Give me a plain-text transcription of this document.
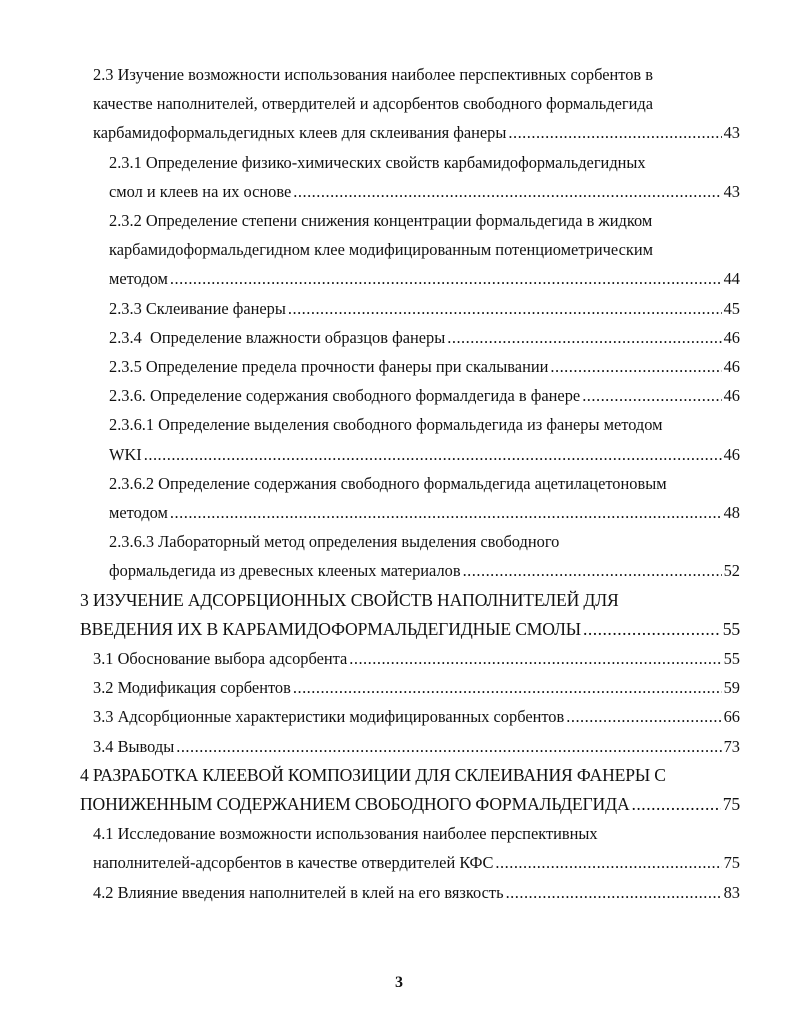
2.3 Изучение возможности использования наиболее перспективных сорбентов в
качестве наполнителей, отвердителей и адсорбентов свободного формальдегида
карбамидоформальдегидных клеев для склеивания фанеры .....	43
2.3.1 Определение физико-химических свойств карбамидоформальдегидных
смол и клеев на их основе .....	43
2.3.2 Определение степени снижения концентрации формальдегида в жидком
карбамидоформальдегидном клее модифицированным потенциометрическим
методом .....	44
2.3.3 Склеивание фанеры .....	45
2.3.4  Определение влажности образцов фанеры .....	46
2.3.5 Определение предела прочности фанеры при скалывании .....	46
2.3.6. Определение содержания свободного формалдегида в фанере .....	46
2.3.6.1 Определение выделения свободного формальдегида из фанеры методом
WKI .....	46
2.3.6.2 Определение содержания свободного формальдегида ацетилацетоновым
методом .....	48
2.3.6.3 Лабораторный метод определения выделения свободного
формальдегида из древесных клееных материалов .....	52
3 ИЗУЧЕНИЕ АДСОРБЦИОННЫХ СВОЙСТВ НАПОЛНИТЕЛЕЙ ДЛЯ
ВВЕДЕНИЯ ИХ В КАРБАМИДОФОРМАЛЬДЕГИДНЫЕ СМОЛЫ .....	55
3.1 Обоснование выбора адсорбента .....	55
3.2 Модификация сорбентов .....	59
3.3 Адсорбционные характеристики модифицированных сорбентов .....	66
3.4 Выводы .....	73
4 РАЗРАБОТКА КЛЕЕВОЙ КОМПОЗИЦИИ ДЛЯ СКЛЕИВАНИЯ ФАНЕРЫ С
ПОНИЖЕННЫМ СОДЕРЖАНИЕМ СВОБОДНОГО ФОРМАЛЬДЕГИДА .....	75
4.1 Исследование возможности использования наиболее перспективных
наполнителей-адсорбентов в качестве отвердителей КФС .....	75
4.2 Влияние введения наполнителей в клей на его вязкость .....	83
3
